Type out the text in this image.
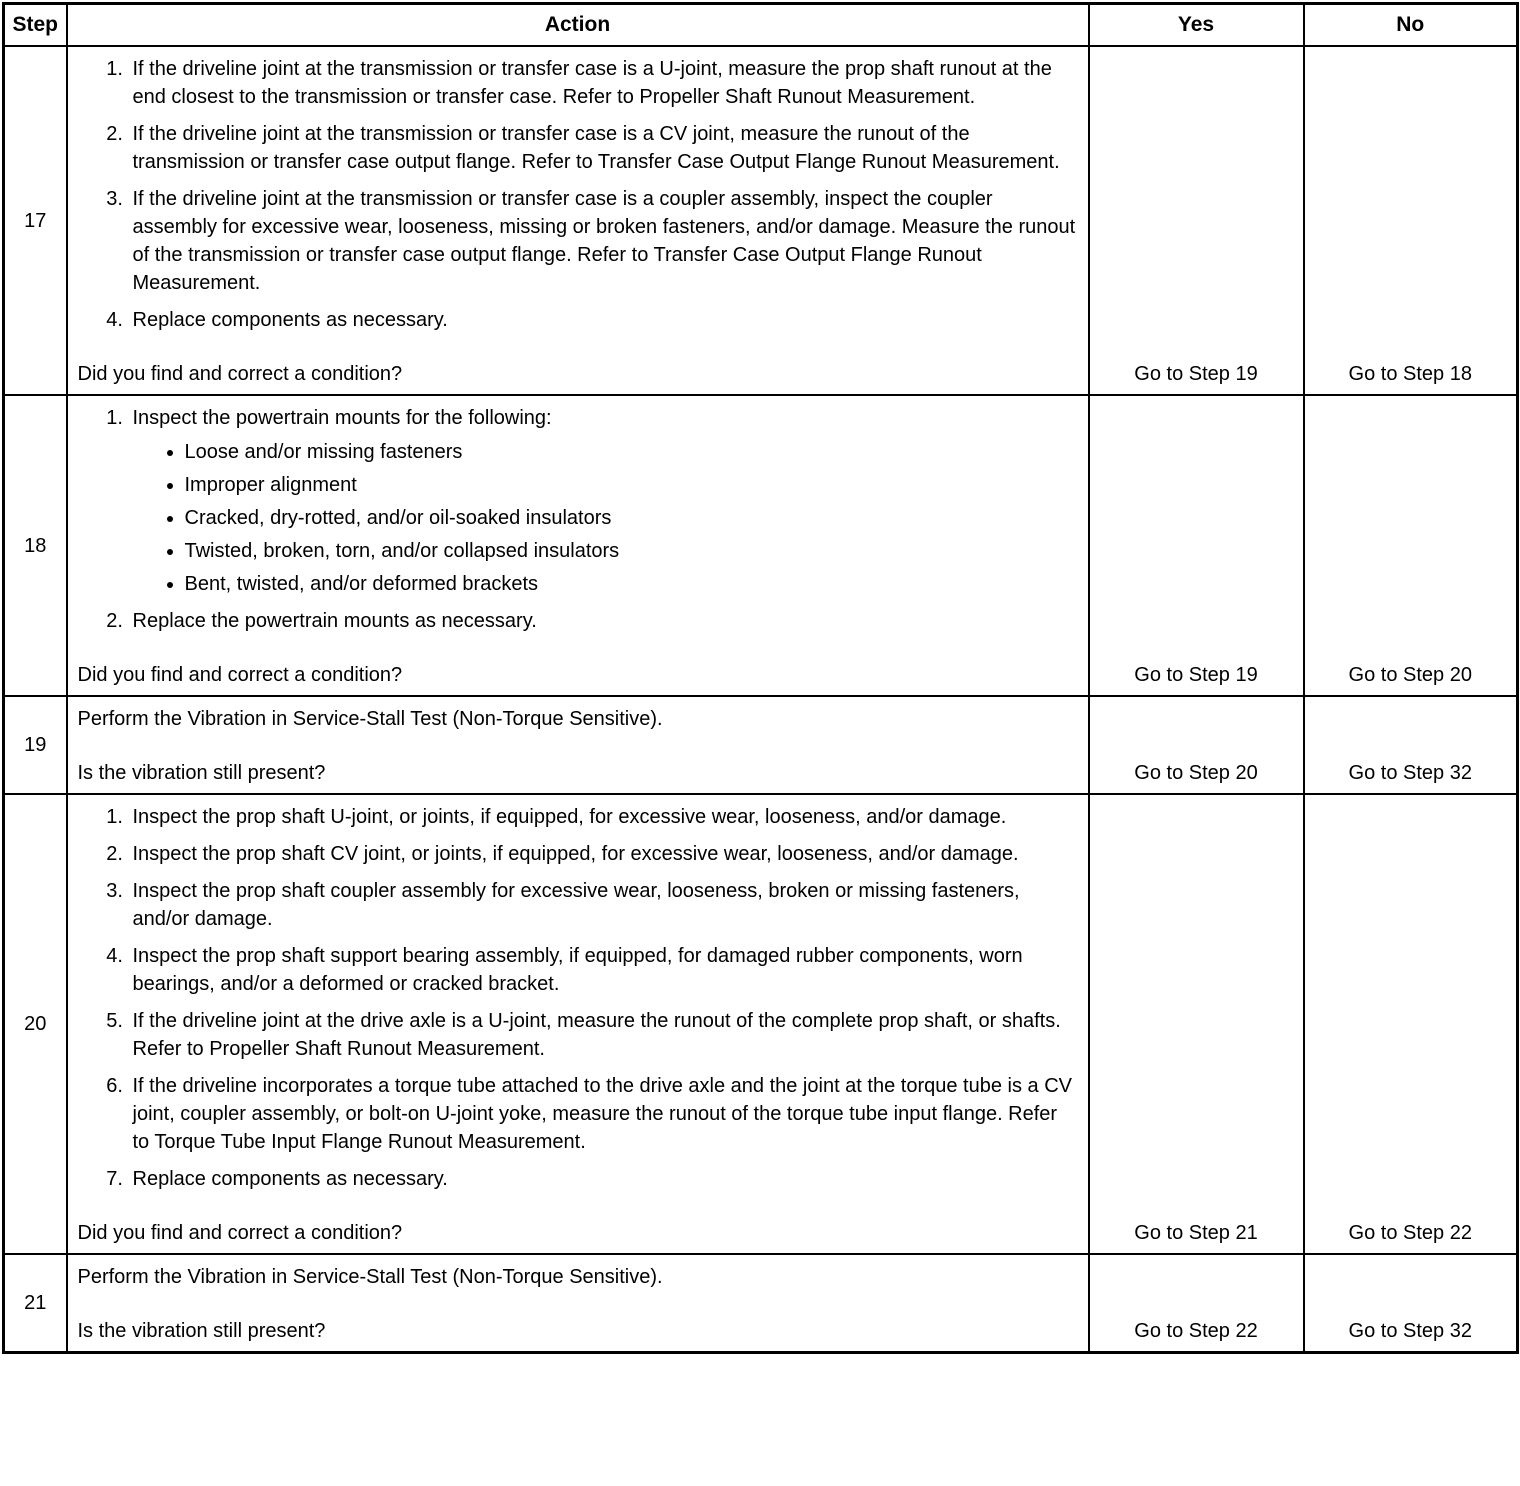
Step	Action	Yes	No
17	
1. If the driveline joint at the transmission or transfer case is a U-joint, measure the prop shaft runout at the end closest to the transmission or transfer case. Refer to Propeller Shaft Runout Measurement.
2. If the driveline joint at the transmission or transfer case is a CV joint, measure the runout of the transmission or transfer case output flange. Refer to Transfer Case Output Flange Runout Measurement.
3. If the driveline joint at the transmission or transfer case is a coupler assembly, inspect the coupler assembly for excessive wear, looseness, missing or broken fasteners, and/or damage. Measure the runout of the transmission or transfer case output flange. Refer to Transfer Case Output Flange Runout Measurement.
4. Replace components as necessary.
Did you find and correct a condition?	Go to Step 19	Go to Step 18
18	
1. Inspect the powertrain mounts for the following:
• Loose and/or missing fasteners
• Improper alignment
• Cracked, dry-rotted, and/or oil-soaked insulators
• Twisted, broken, torn, and/or collapsed insulators
• Bent, twisted, and/or deformed brackets
2. Replace the powertrain mounts as necessary.
Did you find and correct a condition?	Go to Step 19	Go to Step 20
19	Perform the Vibration in Service-Stall Test (Non-Torque Sensitive).

Is the vibration still present?	Go to Step 20	Go to Step 32
20	
1. Inspect the prop shaft U-joint, or joints, if equipped, for excessive wear, looseness, and/or damage.
2. Inspect the prop shaft CV joint, or joints, if equipped, for excessive wear, looseness, and/or damage.
3. Inspect the prop shaft coupler assembly for excessive wear, looseness, broken or missing fasteners, and/or damage.
4. Inspect the prop shaft support bearing assembly, if equipped, for damaged rubber components, worn bearings, and/or a deformed or cracked bracket.
5. If the driveline joint at the drive axle is a U-joint, measure the runout of the complete prop shaft, or shafts. Refer to Propeller Shaft Runout Measurement.
6. If the driveline incorporates a torque tube attached to the drive axle and the joint at the torque tube is a CV joint, coupler assembly, or bolt-on U-joint yoke, measure the runout of the torque tube input flange. Refer to Torque Tube Input Flange Runout Measurement.
7. Replace components as necessary.
Did you find and correct a condition?	Go to Step 21	Go to Step 22
21	Perform the Vibration in Service-Stall Test (Non-Torque Sensitive).

Is the vibration still present?	Go to Step 22	Go to Step 32
